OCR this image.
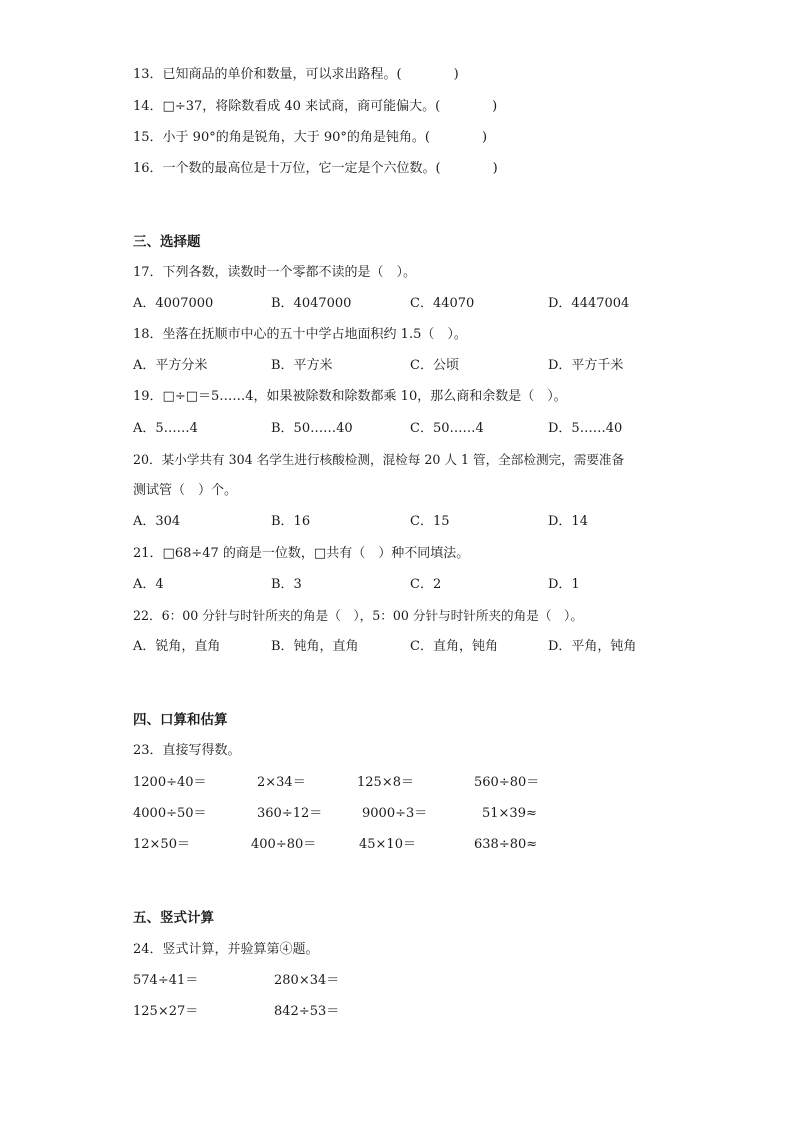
13．已知商品的单价和数量，可以求出路程。(　　　　)
14．□÷37，将除数看成 40 来试商，商可能偏大。(　　　　)
15．小于 90°的角是锐角，大于 90°的角是钝角。(　　　　)
16．一个数的最高位是十万位，它一定是个六位数。(　　　　)
三、选择题
17．下列各数，读数时一个零都不读的是（　）。
A．4007000	B．4047000	C．44070	D．4447004
18．坐落在抚顺市中心的五十中学占地面积约 1.5（　）。
A．平方分米	B．平方米	C．公顷	D．平方千米
19．□÷□＝5……4，如果被除数和除数都乘 10，那么商和余数是（　）。
A．5……4	B．50……40	C．50……4	D．5……40
20．某小学共有 304 名学生进行核酸检测，混检每 20 人 1 管，全部检测完，需要准备
测试管（　）个。
A．304	B．16	C．15	D．14
21．□68÷47 的商是一位数，□共有（　）种不同填法。
A．4	B．3	C．2	D．1
22．6：00 分针与时针所夹的角是（　），5：00 分针与时针所夹的角是（　）。
A．锐角，直角	B．钝角，直角	C．直角，钝角	D．平角，钝角
四、口算和估算
23．直接写得数。
1200÷40＝	2×34＝	125×8＝	560÷80＝
4000÷50＝	360÷12＝	9000÷3＝	51×39≈
12×50＝	400÷80＝	45×10＝	638÷80≈
五、竖式计算
24．竖式计算，并验算第④题。
574÷41＝	280×34＝
125×27＝	842÷53＝
